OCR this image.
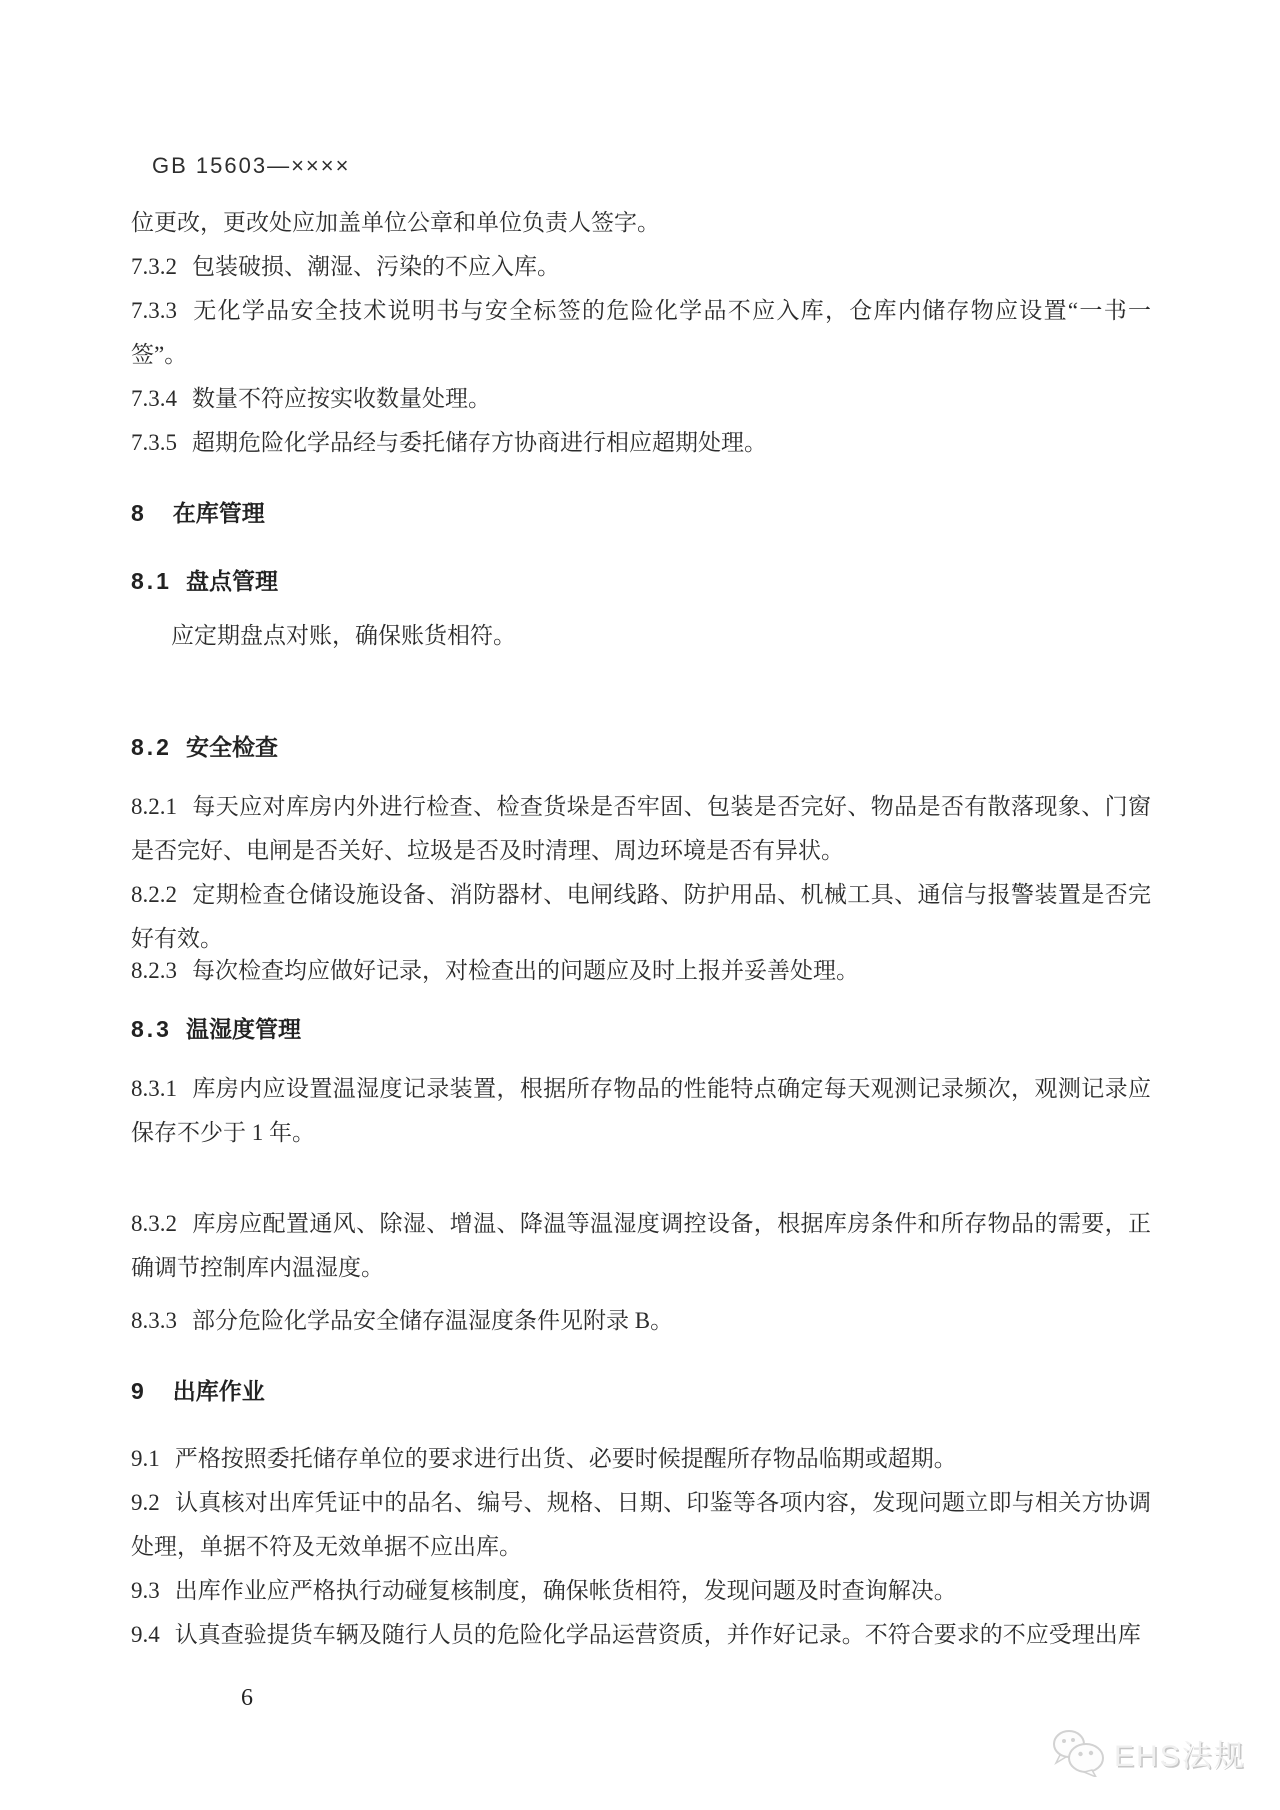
GB 15603—××××

位更改，更改处应加盖单位公章和单位负责人签字。

7.3.2 包装破损、潮湿、污染的不应入库。

7.3.3 无化学品安全技术说明书与安全标签的危险化学品不应入库，仓库内储存物应设置“一书一签”。

7.3.4 数量不符应按实收数量处理。

7.3.5 超期危险化学品经与委托储存方协商进行相应超期处理。

8 在库管理

8.1 盘点管理

应定期盘点对账，确保账货相符。

8.2 安全检查

8.2.1 每天应对库房内外进行检查、检查货垛是否牢固、包装是否完好、物品是否有散落现象、门窗是否完好、电闸是否关好、垃圾是否及时清理、周边环境是否有异状。

8.2.2 定期检查仓储设施设备、消防器材、电闸线路、防护用品、机械工具、通信与报警装置是否完好有效。

8.2.3 每次检查均应做好记录，对检查出的问题应及时上报并妥善处理。

8.3 温湿度管理

8.3.1 库房内应设置温湿度记录装置，根据所存物品的性能特点确定每天观测记录频次，观测记录应保存不少于 1 年。

8.3.2 库房应配置通风、除湿、增温、降温等温湿度调控设备，根据库房条件和所存物品的需要，正确调节控制库内温湿度。

8.3.3 部分危险化学品安全储存温湿度条件见附录 B。

9 出库作业

9.1 严格按照委托储存单位的要求进行出货、必要时候提醒所存物品临期或超期。

9.2 认真核对出库凭证中的品名、编号、规格、日期、印鉴等各项内容，发现问题立即与相关方协调处理，单据不符及无效单据不应出库。

9.3 出库作业应严格执行动碰复核制度，确保帐货相符，发现问题及时查询解决。

9.4 认真查验提货车辆及随行人员的危险化学品运营资质，并作好记录。不符合要求的不应受理出库

6
EHS法规
